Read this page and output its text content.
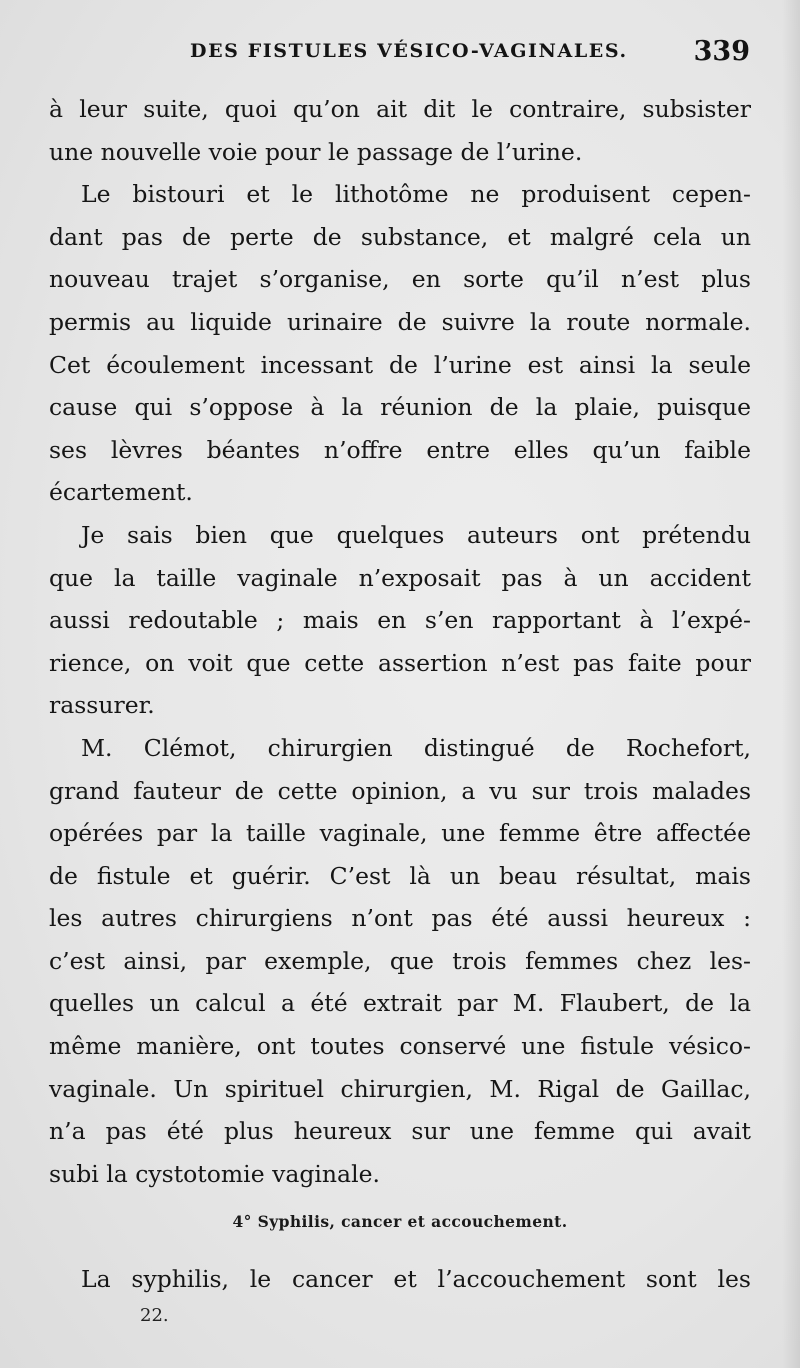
DES FISTULES VÉSICO-VAGINALES. 339
à leur suite, quoi qu’on ait dit le contraire, subsister
une nouvelle voie pour le passage de l’urine.
Le bistouri et le lithotôme ne produisent cepen-
dant pas de perte de substance, et malgré cela un
nouveau trajet s’organise, en sorte qu’il n’est plus
permis au liquide urinaire de suivre la route normale.
Cet écoulement incessant de l’urine est ainsi la seule
cause qui s’oppose à la réunion de la plaie, puisque
ses lèvres béantes n’offre entre elles qu’un faible
écartement.
Je sais bien que quelques auteurs ont prétendu
que la taille vaginale n’exposait pas à un accident
aussi redoutable ; mais en s’en rapportant à l’expé-
rience, on voit que cette assertion n’est pas faite pour
rassurer.
M. Clémot, chirurgien distingué de Rochefort,
grand fauteur de cette opinion, a vu sur trois malades
opérées par la taille vaginale, une femme être affectée
de fistule et guérir. C’est là un beau résultat, mais
les autres chirurgiens n’ont pas été aussi heureux :
c’est ainsi, par exemple, que trois femmes chez les-
quelles un calcul a été extrait par M. Flaubert, de la
même manière, ont toutes conservé une fistule vésico-
vaginale. Un spirituel chirurgien, M. Rigal de Gaillac,
n’a pas été plus heureux sur une femme qui avait
subi la cystotomie vaginale.
4° Syphilis, cancer et accouchement.
La syphilis, le cancer et l’accouchement sont les
22.
